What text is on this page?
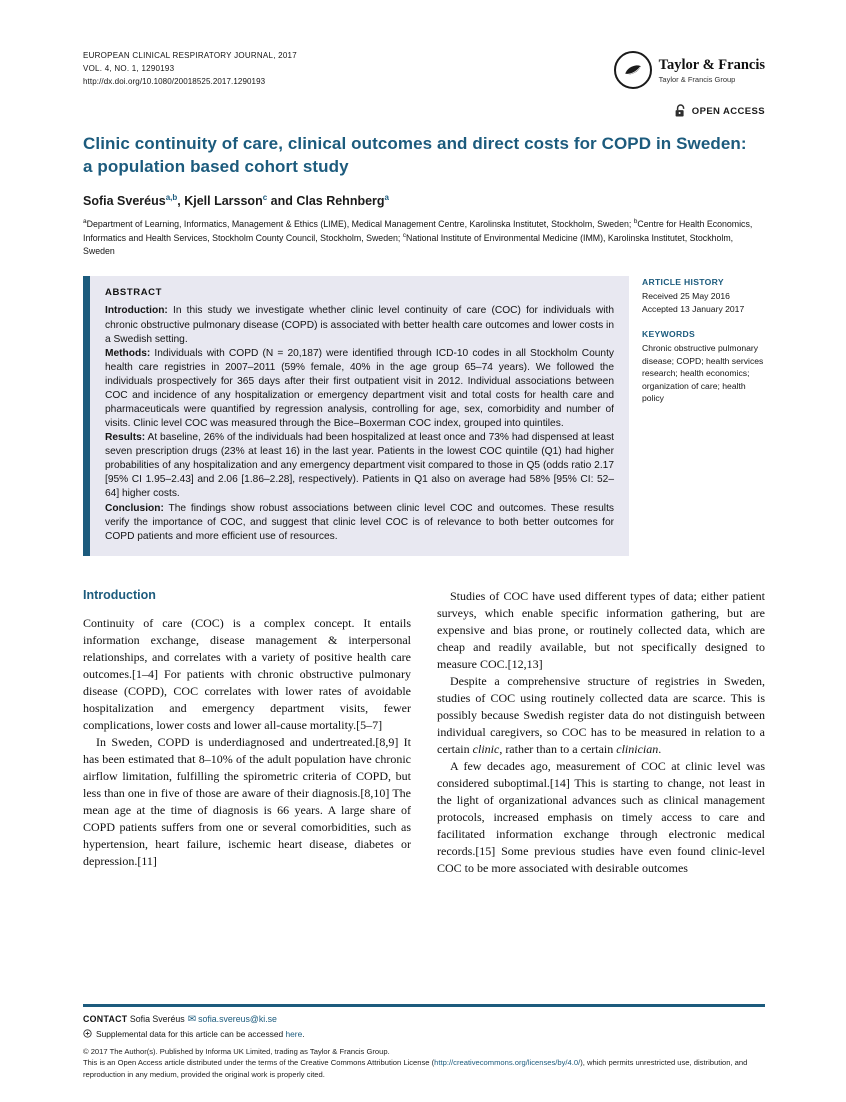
EUROPEAN CLINICAL RESPIRATORY JOURNAL, 2017
VOL. 4, NO. 1, 1290193
http://dx.doi.org/10.1080/20018525.2017.1290193
Taylor & Francis
Taylor & Francis Group
OPEN ACCESS
Clinic continuity of care, clinical outcomes and direct costs for COPD in Sweden:
a population based cohort study

Sofia Sveréus$^{a,b}$, Kjell Larsson$^c$ and Clas Rehnberg$^a$

$^a$Department of Learning, Informatics, Management & Ethics (LIME), Medical Management Centre, Karolinska Institutet, Stockholm, Sweden; $^b$Centre for Health Economics, Informatics and Health Services, Stockholm County Council, Stockholm, Sweden; $^c$National Institute of Environmental Medicine (IMM), Karolinska Institutet, Stockholm, Sweden

ABSTRACT

Introduction: In this study we investigate whether clinic level continuity of care (COC) for individuals with chronic obstructive pulmonary disease (COPD) is associated with better health care outcomes and lower costs in a Swedish setting.

Methods: Individuals with COPD (N = 20,187) were identified through ICD-10 codes in all Stockholm County health care registries in 2007–2011 (59% female, 40% in the age group 65–74 years). We followed the individuals prospectively for 365 days after their first outpatient visit in 2012. Individual associations between COC and incidence of any hospitalization or emergency department visit and total costs for health care and pharmaceuticals were quantified by regression analysis, controlling for age, sex, comorbidity and number of visits. Clinic level COC was measured through the Bice–Boxerman COC index, grouped into quintiles.

Results: At baseline, 26% of the individuals had been hospitalized at least once and 73% had dispensed at least seven prescription drugs (23% at least 16) in the last year. Patients in the lowest COC quintile (Q1) had higher probabilities of any hospitalization and any emergency department visit compared to those in Q5 (odds ratio 2.17 [95% CI 1.95–2.43] and 2.06 [1.86–2.28], respectively). Patients in Q1 also on average had 58% [95% CI: 52–64] higher costs.

Conclusion: The findings show robust associations between clinic level COC and outcomes. These results verify the importance of COC, and suggest that clinic level COC is of relevance to both better outcomes for COPD patients and more efficient use of resources.

ARTICLE HISTORY
Received 25 May 2016
Accepted 13 January 2017
KEYWORDS
Chronic obstructive pulmonary disease; COPD; health services research; health economics; organization of care; health policy
Introduction

Continuity of care (COC) is a complex concept. It entails information exchange, disease management & interpersonal relationships, and correlates with a variety of positive health care outcomes.[1–4] For patients with chronic obstructive pulmonary disease (COPD), COC correlates with lower rates of avoidable hospitalization and emergency department visits, fewer complications, lower costs and lower all-cause mortality.[5–7]

In Sweden, COPD is underdiagnosed and undertreated.[8,9] It has been estimated that 8–10% of the adult population have chronic airflow limitation, fulfilling the spirometric criteria of COPD, but less than one in five of those are aware of their diagnosis.[8,10] The mean age at the time of diagnosis is 66 years. A large share of COPD patients suffers from one or several comorbidities, such as hypertension, heart failure, ischemic heart disease, diabetes or depression.[11]

Studies of COC have used different types of data; either patient surveys, which enable specific information gathering, but are expensive and bias prone, or routinely collected data, which are cheap and readily available, but not specifically designed to measure COC.[12,13]

Despite a comprehensive structure of registries in Sweden, studies of COC using routinely collected data are scarce. This is possibly because Swedish register data do not distinguish between individual caregivers, so COC has to be measured in relation to a certain clinic, rather than to a certain clinician.

A few decades ago, measurement of COC at clinic level was considered suboptimal.[14] This is starting to change, not least in the light of organizational advances such as clinical management protocols, increased emphasis on timely access to care and facilitated information exchange through electronic medical records.[15] Some previous studies have even found clinic-level COC to be more associated with desirable outcomes

CONTACT Sofia Sveréus ✉ sofia.svereus@ki.se

Supplemental data for this article can be accessed here.

© 2017 The Author(s). Published by Informa UK Limited, trading as Taylor & Francis Group.

This is an Open Access article distributed under the terms of the Creative Commons Attribution License (http://creativecommons.org/licenses/by/4.0/), which permits unrestricted use, distribution, and reproduction in any medium, provided the original work is properly cited.
